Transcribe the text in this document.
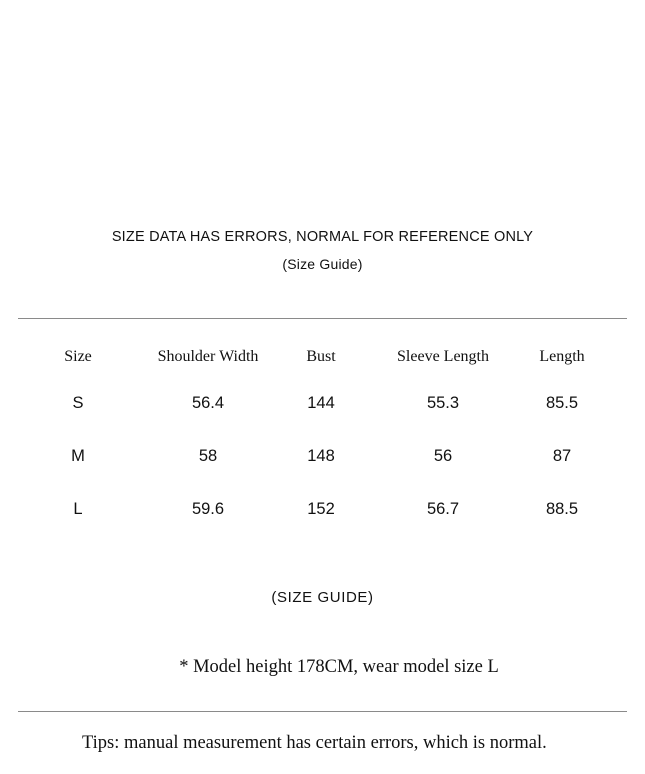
SIZE DATA HAS ERRORS, NORMAL FOR REFERENCE ONLY
(Size Guide)
Size	Shoulder Width	Bust	Sleeve Length	Length
S	56.4	144	55.3	85.5
M	58	148	56	87
L	59.6	152	56.7	88.5
(SIZE GUIDE)
* Model height 178CM, wear model size L
Tips: manual measurement has certain errors, which is normal.
